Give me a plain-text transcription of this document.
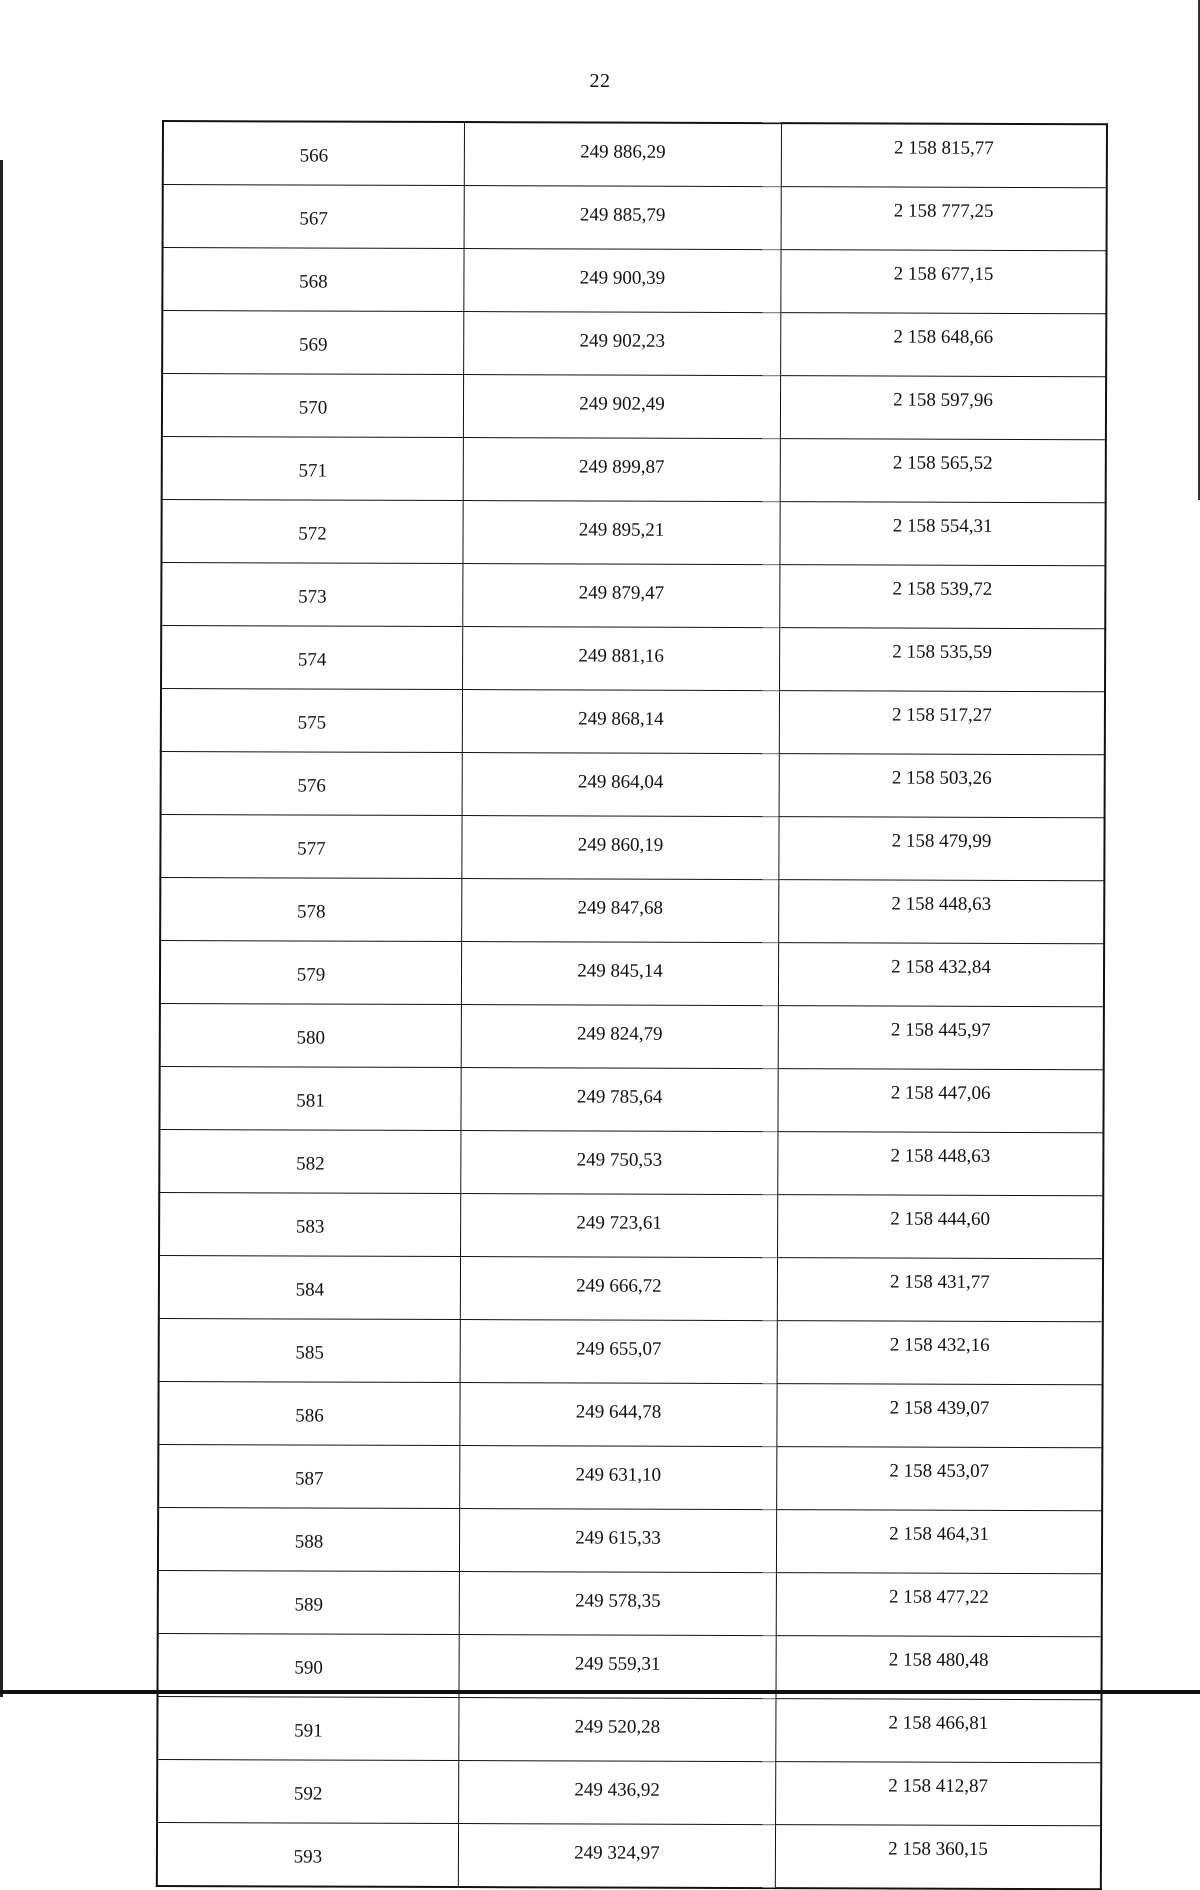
22
566	249 886,29	2 158 815,77
567	249 885,79	2 158 777,25
568	249 900,39	2 158 677,15
569	249 902,23	2 158 648,66
570	249 902,49	2 158 597,96
571	249 899,87	2 158 565,52
572	249 895,21	2 158 554,31
573	249 879,47	2 158 539,72
574	249 881,16	2 158 535,59
575	249 868,14	2 158 517,27
576	249 864,04	2 158 503,26
577	249 860,19	2 158 479,99
578	249 847,68	2 158 448,63
579	249 845,14	2 158 432,84
580	249 824,79	2 158 445,97
581	249 785,64	2 158 447,06
582	249 750,53	2 158 448,63
583	249 723,61	2 158 444,60
584	249 666,72	2 158 431,77
585	249 655,07	2 158 432,16
586	249 644,78	2 158 439,07
587	249 631,10	2 158 453,07
588	249 615,33	2 158 464,31
589	249 578,35	2 158 477,22
590	249 559,31	2 158 480,48
591	249 520,28	2 158 466,81
592	249 436,92	2 158 412,87
593	249 324,97	2 158 360,15
